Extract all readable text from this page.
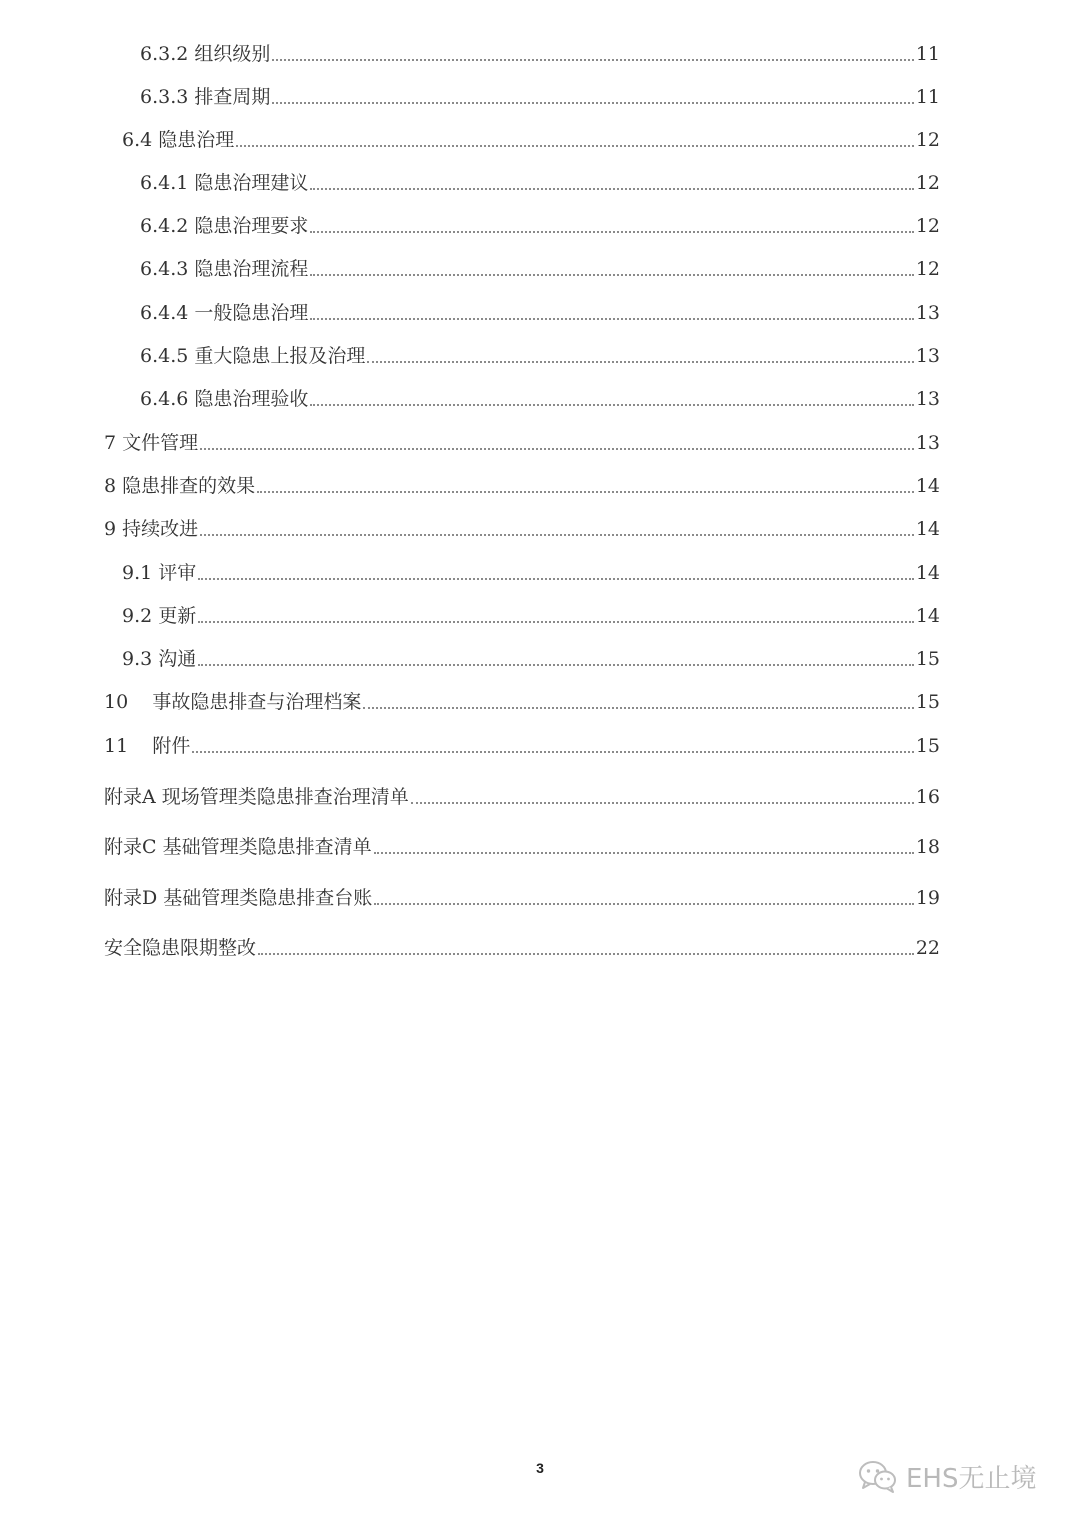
6.3.2 组织级别	11
6.3.3 排查周期	11
6.4 隐患治理	12
6.4.1 隐患治理建议	12
6.4.2 隐患治理要求	12
6.4.3 隐患治理流程	12
6.4.4 一般隐患治理	13
6.4.5 重大隐患上报及治理	13
6.4.6 隐患治理验收	13
7 文件管理	13
8 隐患排查的效果	14
9 持续改进	14
9.1 评审	14
9.2 更新	14
9.3 沟通	15
10 事故隐患排查与治理档案	15
11 附件	15
附录A 现场管理类隐患排查治理清单	16
附录C 基础管理类隐患排查清单	18
附录D 基础管理类隐患排查台账	19
安全隐患限期整改	22
3	EHS无止境
